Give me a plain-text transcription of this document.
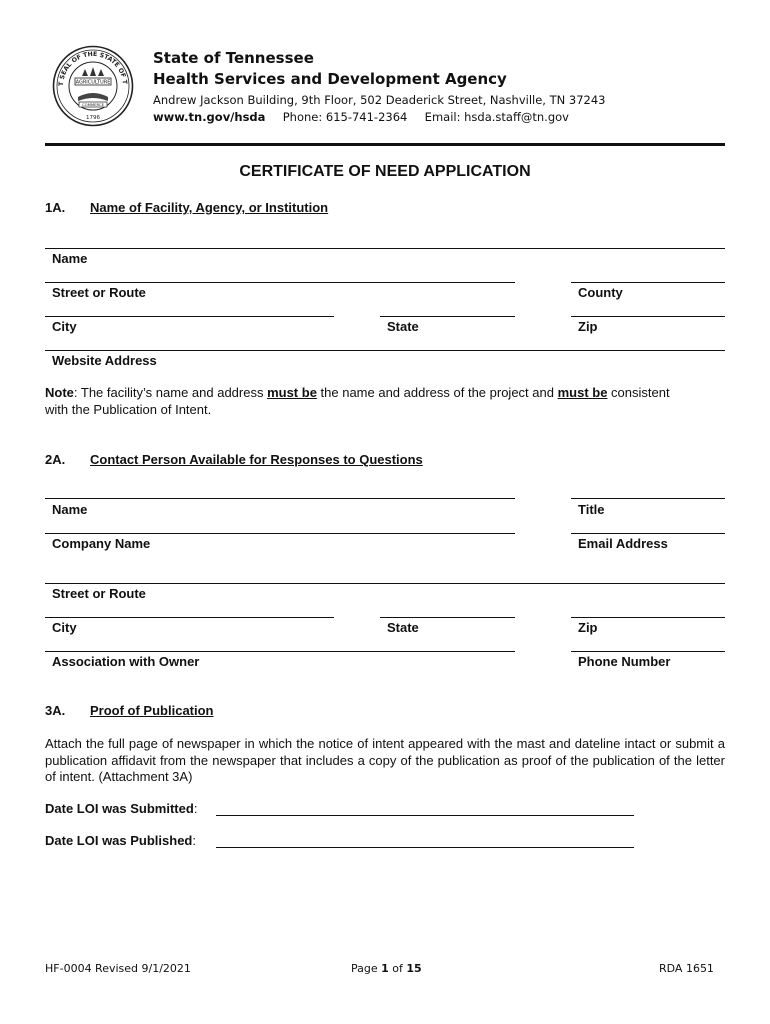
T SEAL OF THE STATE OF T
1796
AGRICULTURE
COMMERCE
State of Tennessee
Health Services and Development Agency
Andrew Jackson Building, 9th Floor, 502 Deaderick Street, Nashville, TN 37243
www.tn.gov/hsda Phone: 615-741-2364 Email: hsda.staff@tn.gov
CERTIFICATE OF NEED APPLICATION
1A. Name of Facility, Agency, or Institution
Name
Street or Route	County
City	State	Zip
Website Address
Note: The facility’s name and address must be the name and address of the project and must be consistent
with the Publication of Intent.
2A. Contact Person Available for Responses to Questions
Name	Title
Company Name	Email Address
Street or Route
City	State	Zip
Association with Owner	Phone Number
3A. Proof of Publication
Attach the full page of newspaper in which the notice of intent appeared with the mast and dateline intact or submit a publication affidavit from the newspaper that includes a copy of the publication as proof of the publication of the letter of intent. (Attachment 3A)
Date LOI was Submitted:
Date LOI was Published:
HF-0004 Revised 9/1/2021	Page 1 of 15	RDA 1651
